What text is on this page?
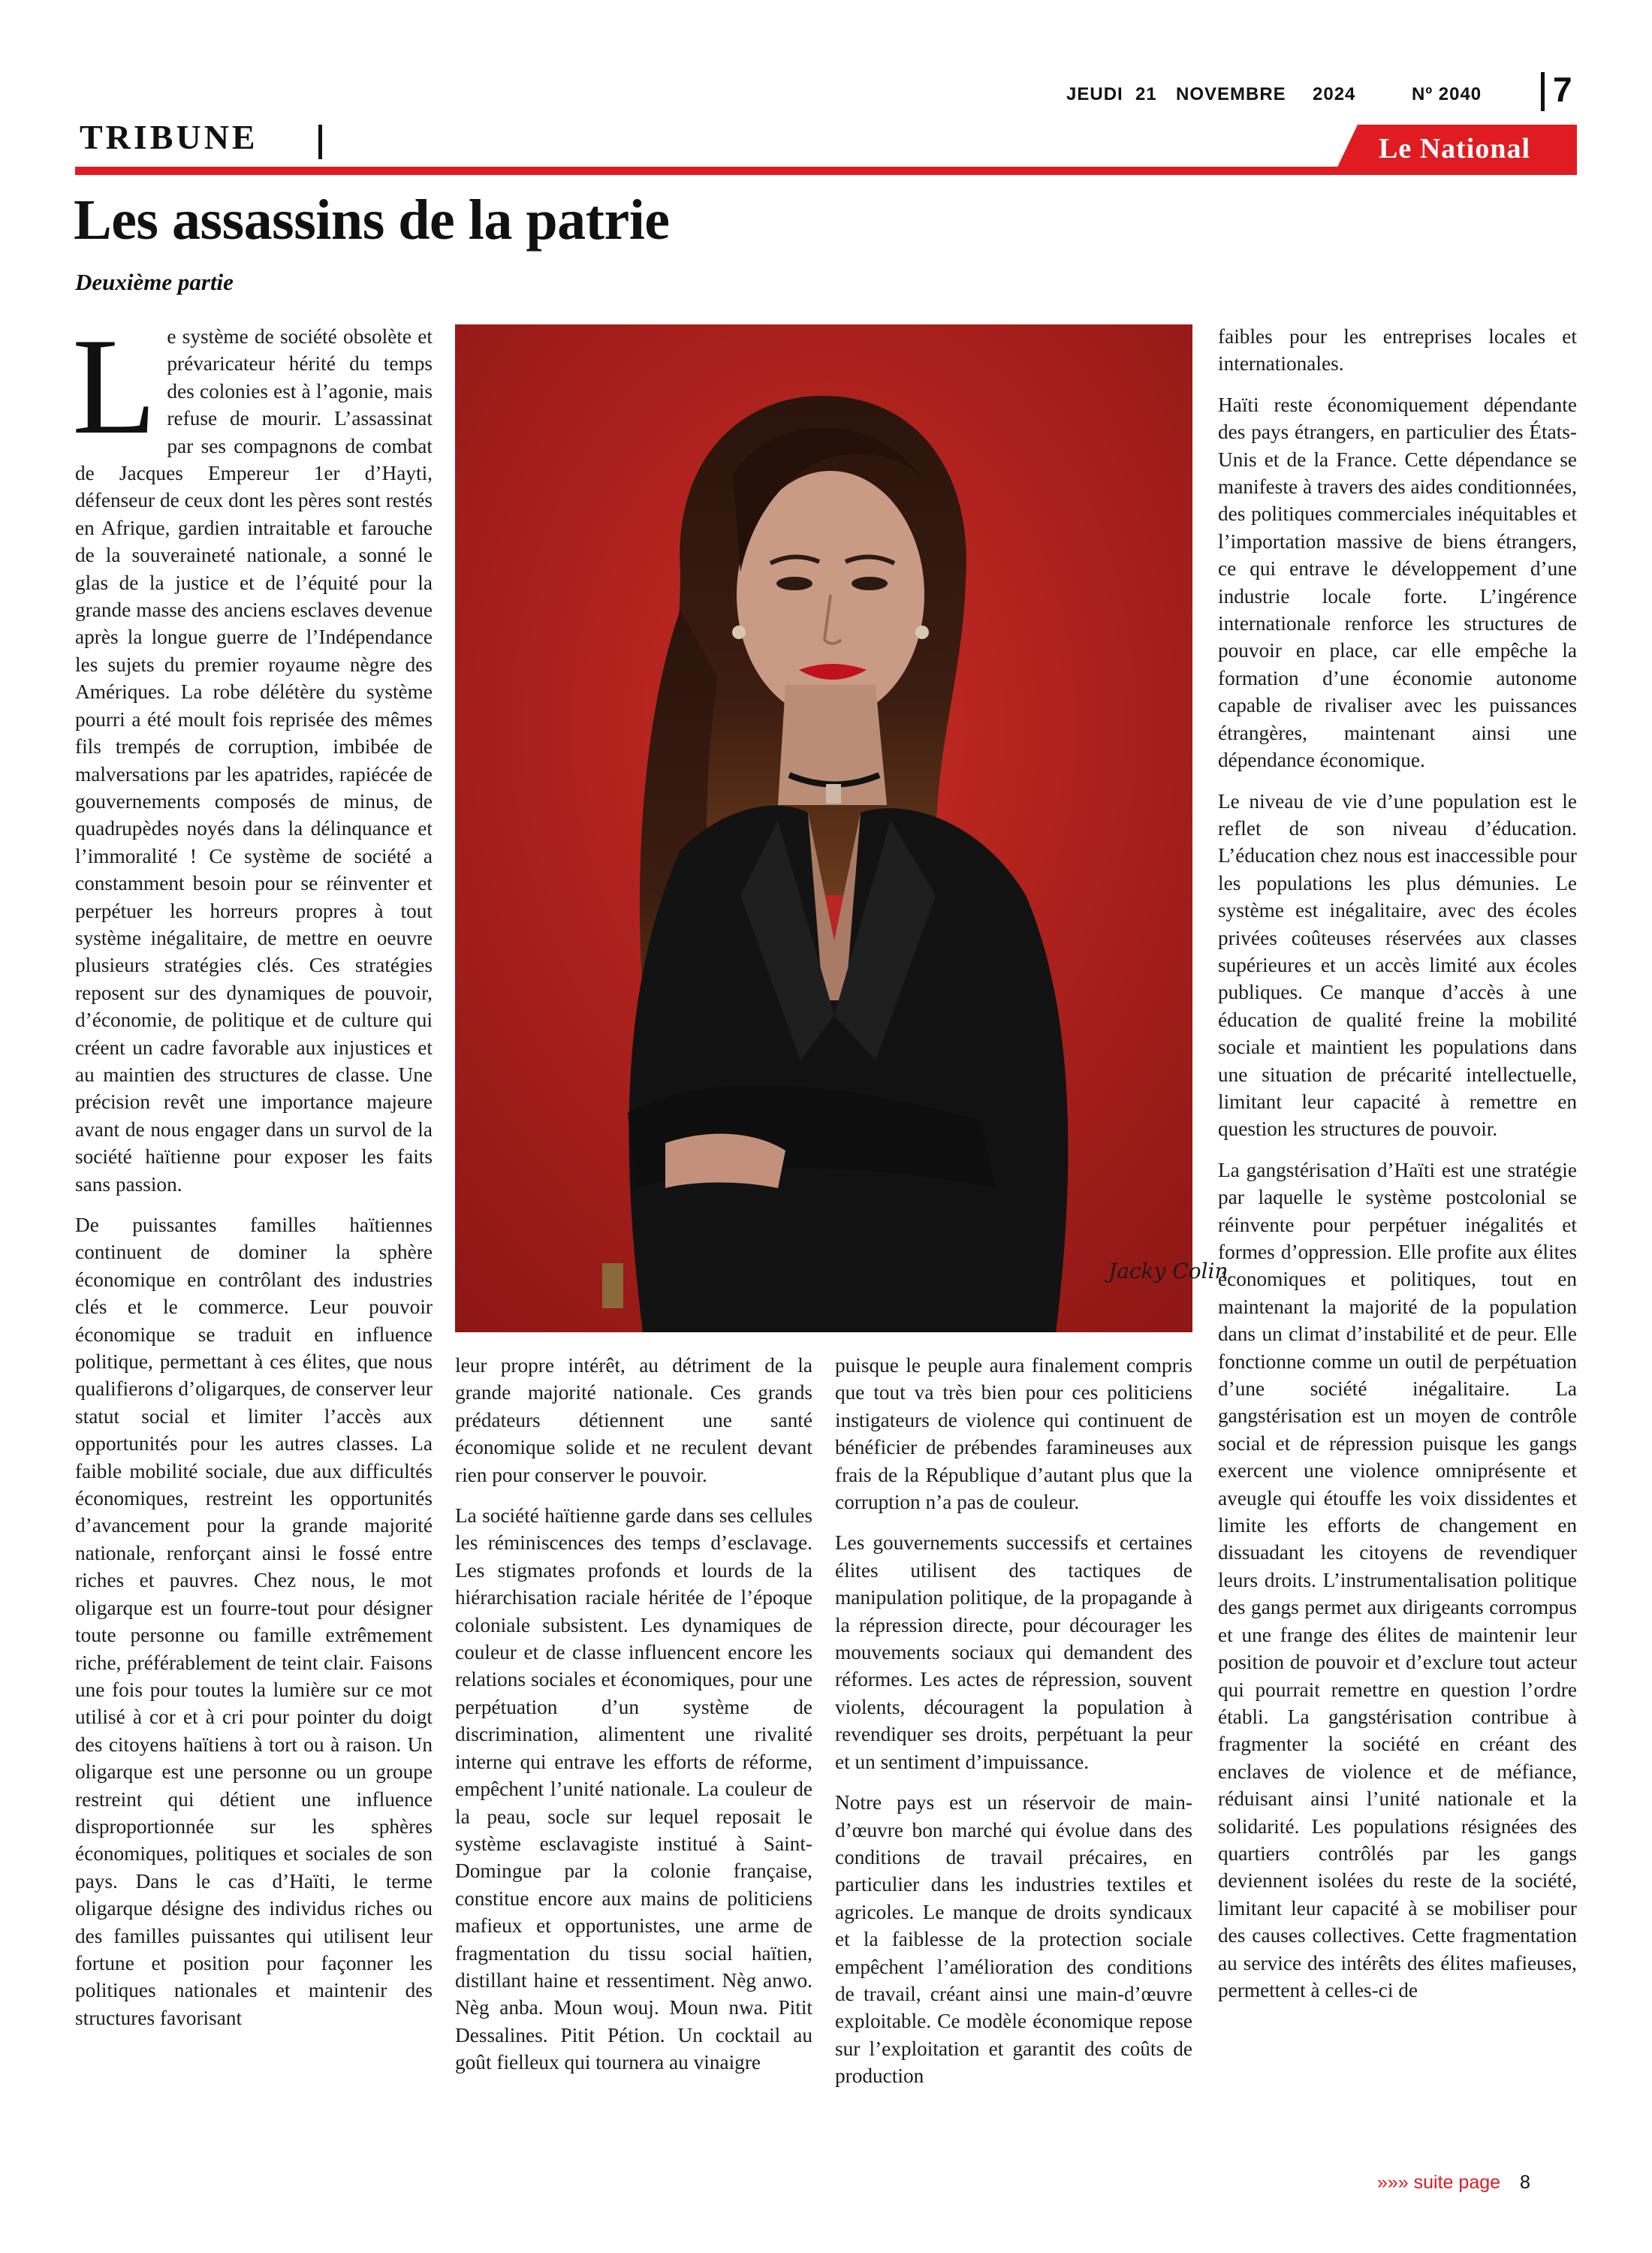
JEUDI 21 NOVEMBRE 2024	Nº 2040 7
TRIBUNE	Le National
Les assassins de la patrie
Deuxième partie

Le système de société obsolète et prévaricateur hérité du temps des colonies est à l’agonie, mais refuse de mourir. L’assassinat par ses compagnons de combat de Jacques Empereur 1er d’Hayti, défenseur de ceux dont les pères sont restés en Afrique, gardien intraitable et farouche de la souveraineté nationale, a sonné le glas de la justice et de l’équité pour la grande masse des anciens esclaves devenue après la longue guerre de l’Indépendance les sujets du premier royaume nègre des Amériques. La robe délétère du système pourri a été moult fois reprisée des mêmes fils trempés de corruption, imbibée de malversations par les apatrides, rapiécée de gouvernements composés de minus, de quadrupèdes noyés dans la délinquance et l’immoralité ! Ce système de société a constamment besoin pour se réinventer et perpétuer les horreurs propres à tout système inégalitaire, de mettre en oeuvre plusieurs stratégies clés. Ces stratégies reposent sur des dynamiques de pouvoir, d’économie, de politique et de culture qui créent un cadre favorable aux injustices et au maintien des structures de classe. Une précision revêt une importance majeure avant de nous engager dans un survol de la société haïtienne pour exposer les faits sans passion.

De puissantes familles haïtiennes continuent de dominer la sphère économique en contrôlant des industries clés et le commerce. Leur pouvoir économique se traduit en influence politique, permettant à ces élites, que nous qualifierons d’oligarques, de conserver leur statut social et limiter l’accès aux opportunités pour les autres classes. La faible mobilité sociale, due aux difficultés économiques, restreint les opportunités d’avancement pour la grande majorité nationale, renforçant ainsi le fossé entre riches et pauvres. Chez nous, le mot oligarque est un fourre-tout pour désigner toute personne ou famille extrêmement riche, préférablement de teint clair. Faisons une fois pour toutes la lumière sur ce mot utilisé à cor et à cri pour pointer du doigt des citoyens haïtiens à tort ou à raison. Un oligarque est une personne ou un groupe restreint qui détient une influence disproportionnée sur les sphères économiques, politiques et sociales de son pays. Dans le cas d’Haïti, le terme oligarque désigne des individus riches ou des familles puissantes qui utilisent leur fortune et position pour façonner les politiques nationales et maintenir des structures favorisant

Jacky Colin

leur propre intérêt, au détriment de la grande majorité nationale. Ces grands prédateurs détiennent une santé économique solide et ne reculent devant rien pour conserver le pouvoir.

La société haïtienne garde dans ses cellules les réminiscences des temps d’esclavage. Les stigmates profonds et lourds de la hiérarchisation raciale héritée de l’époque coloniale subsistent. Les dynamiques de couleur et de classe influencent encore les relations sociales et économiques, pour une perpétuation d’un système de discrimination, alimentent une rivalité interne qui entrave les efforts de réforme, empêchent l’unité nationale. La couleur de la peau, socle sur lequel reposait le système esclavagiste institué à Saint-Domingue par la colonie française, constitue encore aux mains de politiciens mafieux et opportunistes, une arme de fragmentation du tissu social haïtien, distillant haine et ressentiment. Nèg anwo. Nèg anba. Moun wouj. Moun nwa. Pitit Dessalines. Pitit Pétion. Un cocktail au goût fielleux qui tournera au vinaigre

puisque le peuple aura finalement compris que tout va très bien pour ces politiciens instigateurs de violence qui continuent de bénéficier de prébendes faramineuses aux frais de la République d’autant plus que la corruption n’a pas de couleur.

Les gouvernements successifs et certaines élites utilisent des tactiques de manipulation politique, de la propagande à la répression directe, pour décourager les mouvements sociaux qui demandent des réformes. Les actes de répression, souvent violents, découragent la population à revendiquer ses droits, perpétuant la peur et un sentiment d’impuissance.

Notre pays est un réservoir de main-d’œuvre bon marché qui évolue dans des conditions de travail précaires, en particulier dans les industries textiles et agricoles. Le manque de droits syndicaux et la faiblesse de la protection sociale empêchent l’amélioration des conditions de travail, créant ainsi une main-d’œuvre exploitable. Ce modèle économique repose sur l’exploitation et garantit des coûts de production

faibles pour les entreprises locales et internationales.

Haïti reste économiquement dépendante des pays étrangers, en particulier des États-Unis et de la France. Cette dépendance se manifeste à travers des aides conditionnées, des politiques commerciales inéquitables et l’importation massive de biens étrangers, ce qui entrave le développement d’une industrie locale forte. L’ingérence internationale renforce les structures de pouvoir en place, car elle empêche la formation d’une économie autonome capable de rivaliser avec les puissances étrangères, maintenant ainsi une dépendance économique.

Le niveau de vie d’une population est le reflet de son niveau d’éducation. L’éducation chez nous est inaccessible pour les populations les plus démunies. Le système est inégalitaire, avec des écoles privées coûteuses réservées aux classes supérieures et un accès limité aux écoles publiques. Ce manque d’accès à une éducation de qualité freine la mobilité sociale et maintient les populations dans une situation de précarité intellectuelle, limitant leur capacité à remettre en question les structures de pouvoir.

La gangstérisation d’Haïti est une stratégie par laquelle le système postcolonial se réinvente pour perpétuer inégalités et formes d’oppression. Elle profite aux élites économiques et politiques, tout en maintenant la majorité de la population dans un climat d’instabilité et de peur. Elle fonctionne comme un outil de perpétuation d’une société inégalitaire. La gangstérisation est un moyen de contrôle social et de répression puisque les gangs exercent une violence omniprésente et aveugle qui étouffe les voix dissidentes et limite les efforts de changement en dissuadant les citoyens de revendiquer leurs droits. L’instrumentalisation politique des gangs permet aux dirigeants corrompus et une frange des élites de maintenir leur position de pouvoir et d’exclure tout acteur qui pourrait remettre en question l’ordre établi. La gangstérisation contribue à fragmenter la société en créant des enclaves de violence et de méfiance, réduisant ainsi l’unité nationale et la solidarité. Les populations résignées des quartiers contrôlés par les gangs deviennent isolées du reste de la société, limitant leur capacité à se mobiliser pour des causes collectives. Cette fragmentation au service des intérêts des élites mafieuses, permettent à celles-ci de

»»» suite page 8
